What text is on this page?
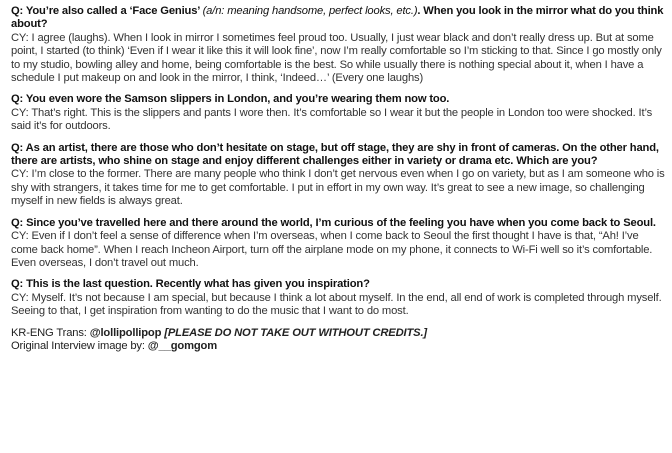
Q: You’re also called a ‘Face Genius’ (a/n: meaning handsome, perfect looks, etc.). When you look in the mirror what do you think about?
CY: I agree (laughs). When I look in mirror I sometimes feel proud too. Usually, I just wear black and don’t really dress up. But at some point, I started (to think) ‘Even if I wear it like this it will look fine’, now I’m really comfortable so I’m sticking to that. Since I go mostly only to my studio, bowling alley and home, being comfortable is the best. So while usually there is nothing special about it, when I have a schedule I put makeup on and look in the mirror, I think, ‘Indeed…’ (Every one laughs)
Q: You even wore the Samson slippers in London, and you’re wearing them now too.
CY: That’s right. This is the slippers and pants I wore then. It’s comfortable so I wear it but the people in London too were shocked. It’s said it’s for outdoors.
Q: As an artist, there are those who don’t hesitate on stage, but off stage, they are shy in front of cameras. On the other hand, there are artists, who shine on stage and enjoy different challenges either in variety or drama etc. Which are you?
CY: I’m close to the former. There are many people who think I don’t get nervous even when I go on variety, but as I am someone who is shy with strangers, it takes time for me to get comfortable. I put in effort in my own way. It’s great to see a new image, so challenging myself in new fields is always great.
Q: Since you’ve travelled here and there around the world, I’m curious of the feeling you have when you come back to Seoul.
CY: Even if I don’t feel a sense of difference when I’m overseas, when I come back to Seoul the first thought I have is that, “Ah! I’ve come back home”. When I reach Incheon Airport, turn off the airplane mode on my phone, it connects to Wi-Fi well so it’s comfortable. Even overseas, I don’t travel out much.
Q: This is the last question. Recently what has given you inspiration?
CY: Myself. It’s not because I am special, but because I think a lot about myself. In the end, all end of work is completed through myself. Seeing to that, I get inspiration from wanting to do the music that I want to do most.
KR-ENG Trans: @lollipollipop [PLEASE DO NOT TAKE OUT WITHOUT CREDITS.]
Original Interview image by: @__gomgom
